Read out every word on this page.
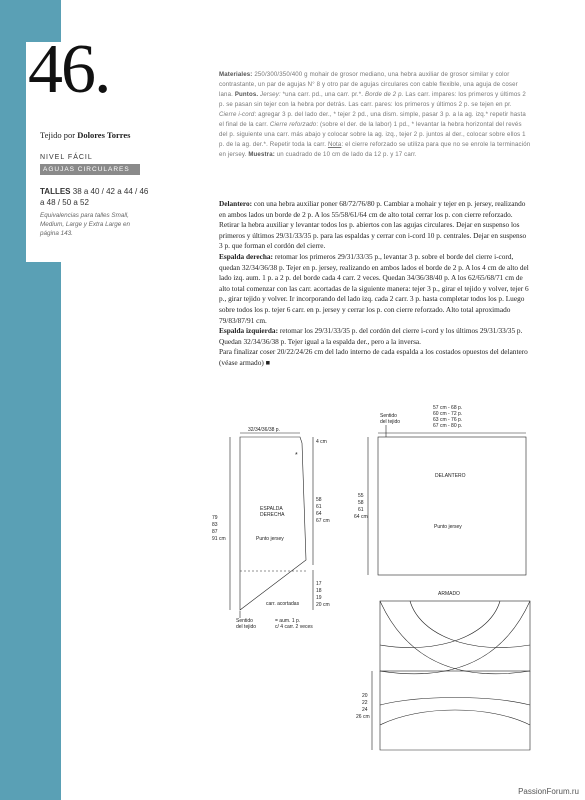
46.
Tejido por Dolores Torres
NIVEL FÁCIL
AGUJAS CIRCULARES
TALLES 38 a 40 / 42 a 44 / 46 a 48 / 50 a 52
Equivalencias para talles Small, Medium, Large y Extra Large en página 143.
Materiales: 250/300/350/400 g mohair de grosor mediano, una hebra auxiliar de grosor similar y color contrastante, un par de agujas N° 8 y otro par de agujas circulares con cable flexible, una aguja de coser lana. Puntos. Jersey: *una carr. pd., una carr. pr.*. Borde de 2 p. Las carr. impares: los primeros y últimos 2 p. se pasan sin tejer con la hebra por detrás. Las carr. pares: los primeros y últimos 2 p. se tejen en pr. Cierre i-cord: agregar 3 p. del lado der., * tejer 2 pd., una dism. simple, pasar 3 p. a la ag. izq.* repetir hasta el final de la carr. Cierre reforzado: (sobre el der. de la labor) 1 pd., * levantar la hebra horizontal del revés del p. siguiente una carr. más abajo y colocar sobre la ag. izq., tejer 2 p. juntos al der., colocar sobre ellos 1 p. de la ag. der.*. Repetir toda la carr. Nota: el cierre reforzado se utiliza para que no se enrole la terminación en jersey. Muestra: un cuadrado de 10 cm de lado da 12 p. y 17 carr.

Delantero: con una hebra auxiliar poner 68/72/76/80 p. Cambiar a mohair y tejer en p. jersey, realizando en ambos lados un borde de 2 p. A los 55/58/61/64 cm de alto total cerrar los p. con cierre reforzado. Retirar la hebra auxiliar y levantar todos los p. abiertos con las agujas circulares. Dejar en suspenso los primeros y últimos 29/31/33/35 p. para las espaldas y cerrar con i-cord 10 p. centrales. Dejar en suspenso 3 p. que forman el cordón del cierre.

Espalda derecha: retomar los primeros 29/31/33/35 p., levantar 3 p. sobre el borde del cierre i-cord, quedan 32/34/36/38 p. Tejer en p. jersey, realizando en ambos lados el borde de 2 p. A los 4 cm de alto del lado izq. aum. 1 p. a 2 p. del borde cada 4 carr. 2 veces. Quedan 34/36/38/40 p. A los 62/65/68/71 cm de alto total comenzar con las carr. acortadas de la siguiente manera: tejer 3 p., girar el tejido y volver, tejer 6 p., girar tejido y volver. Ir incorporando del lado izq. cada 2 carr. 3 p. hasta completar todos los p. Luego sobre todos los p. tejer 6 carr. en p. jersey y cerrar los p. con cierre reforzado. Alto total aproximado 79/83/87/91 cm.

Espalda izquierda: retomar los 29/31/33/35 p. del cordón del cierre i-cord y los últimos 29/31/33/35 p. Quedan 32/34/36/38 p. Tejer igual a la espalda der., pero a la inversa.

Para finalizar coser 20/22/24/26 cm del lado interno de cada espalda a los costados opuestos del delantero (véase armado) ■

32/34/36/38 p.
4 cm
*
ESPALDA
DERECHA
Punto jersey
58
61
64
67 cm
79
83
87
91 cm
17
18
19
20 cm
carr. acortadas
Sentido
del tejido
= aum. 1 p.
c/ 4 carr. 2 veces
Sentido
del tejido
57 cm - 68 p.
60 cm - 72 p.
63 cm - 76 p.
67 cm - 80 p.
DELANTERO
Punto jersey
55
58
61
64 cm
ARMADO
20
22
24
26 cm
PassionForum.ru
